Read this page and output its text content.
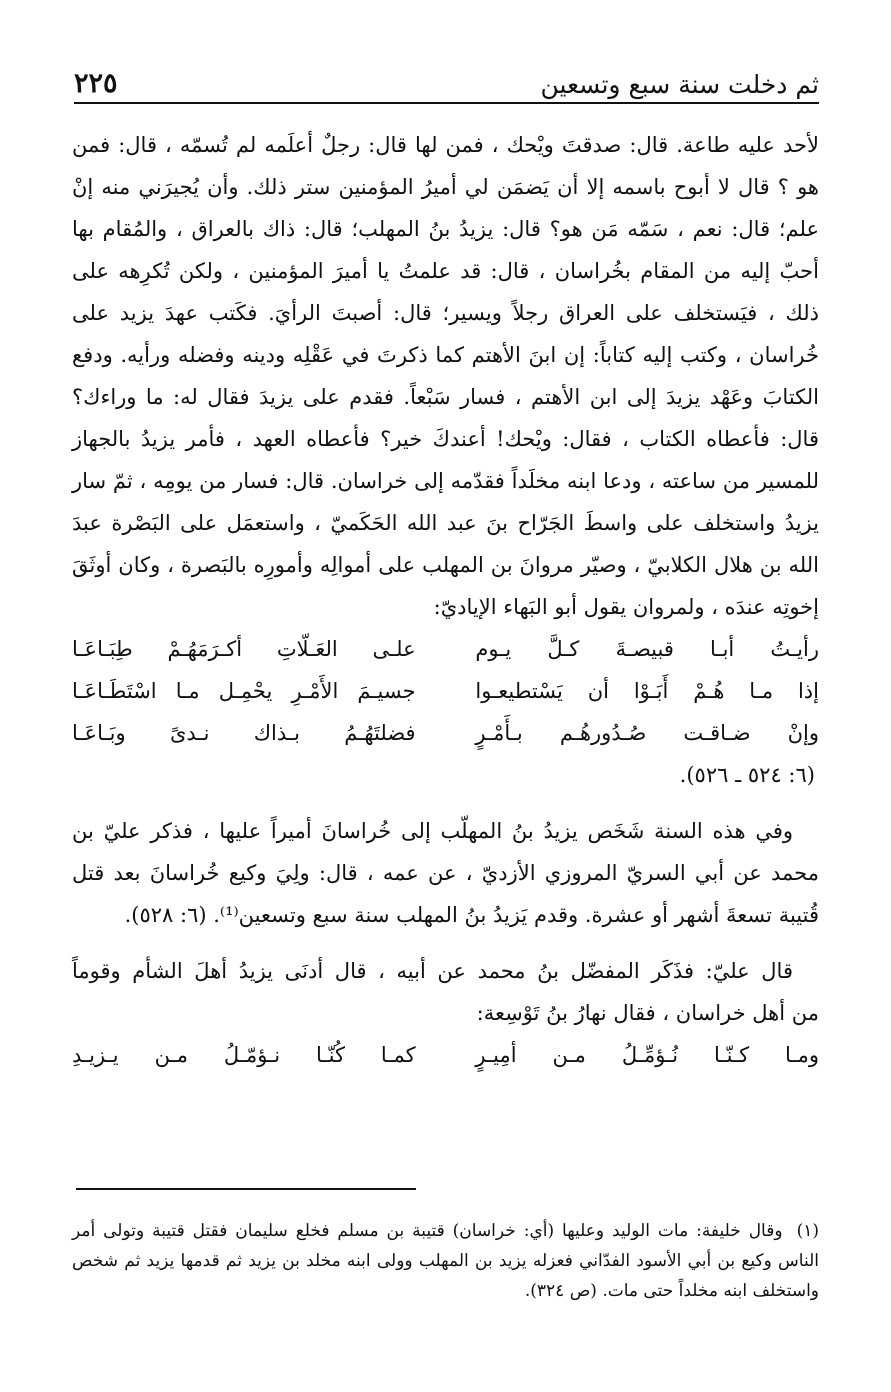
ثم دخلت سنة سبع وتسعين
٢٢٥

لأحد عليه طاعة. قال: صدقتَ ويْحك ، فمن لها قال: رجلٌ أعلَمه لم تُسمّه ، قال: فمن هو ؟ قال لا أبوح باسمه إلا أن يَضمَن لي أميرُ المؤمنين ستر ذلك. وأن يُجيرَني منه إنْ علم؛ قال: نعم ، سَمّه مَن هو؟ قال: يزيدُ بنُ المهلب؛ قال: ذاك بالعراق ، والمُقام بها أحبّ إليه من المقام بخُراسان ، قال: قد علمتُ يا أميرَ المؤمنين ، ولكن تُكرِهه على ذلك ، فيَستخلف على العراق رجلاً ويسير؛ قال: أصبتَ الرأيَ. فكَتب عهدَ يزيد على خُراسان ، وكتب إليه كتاباً: إن ابنَ الأهتم كما ذكرتَ في عَقْلِه ودينه وفضله ورأيه. ودفع الكتابَ وعَهْد يزيدَ إلى ابن الأهتم ، فسار سَبْعاً. فقدم على يزيدَ فقال له: ما وراءك؟ قال: فأعطاه الكتاب ، فقال: ويْحك! أعندكَ خير؟ فأعطاه العهد ، فأمر يزيدُ بالجهاز للمسير من ساعته ، ودعا ابنه مخلَداً فقدّمه إلى خراسان. قال: فسار من يومِه ، ثمّ سار يزيدُ واستخلف على واسطَ الجَرّاح بنَ عبد الله الحَكَميّ ، واستعمَل على البَصْرة عبدَ الله بن هلال الكلابيّ ، وصيّر مروانَ بن المهلب على أموالِه وأمورِه بالبَصرة ، وكان أوثَقَ إخوتِه عندَه ، ولمروان يقول أبو البَهاء الإياديّ:

رأيـتُ أبـا قبيصـةَ كـلَّ يـوم
علـى العَـلّاتِ أكـرَمَهُـمْ طِبَـاعَـا
إذا مـا هُـمْ أَبَـوْا أن يَسْتطيعـوا
جسيـمَ الأَمْـرِ يحْمِـل مـا اسْتَطَـاعَـا
وإنْ ضـاقـت صُـدُورهُـم بـأَمْـرٍ
فضلتَهُـمُ بـذاك نـدىً وبَـاعَـا

(٦: ٥٢٤ ـ ٥٢٦).

وفي هذه السنة شَخَص يزيدُ بنُ المهلّب إلى خُراسانَ أميراً عليها ، فذكر عليّ بن محمد عن أبي السريّ المروزي الأزديّ ، عن عمه ، قال: ولِيَ وكيع خُراسانَ بعد قتل قُتيبة تسعةَ أشهر أو عشرة. وقدم يَزيدُ بنُ المهلب سنة سبع وتسعين⁽¹⁾. (٦: ٥٢٨).

قال عليّ: فذَكَر المفضّل بنُ محمد عن أبيه ، قال أدنَى يزيدُ أهلَ الشأم وقوماً
من أهل خراسان ، فقال نهارُ بنُ تَوْسِعة:
ومـا كـنّـا نُـؤمِّـلُ مـن أمِيـرٍ
كمـا كُنّـا نـؤمّـلُ مـن يـزيـدِ

(١)وقال خليفة: مات الوليد وعليها (أي: خراسان) قتيبة بن مسلم فخلع سليمان فقتل قتيبة وتولى أمر الناس وكيع بن أبي الأسود الفدّاني فعزله يزيد بن المهلب وولى ابنه مخلد بن يزيد ثم قدمها يزيد ثم شخص واستخلف ابنه مخلداً حتى مات. (ص ٣٢٤).
